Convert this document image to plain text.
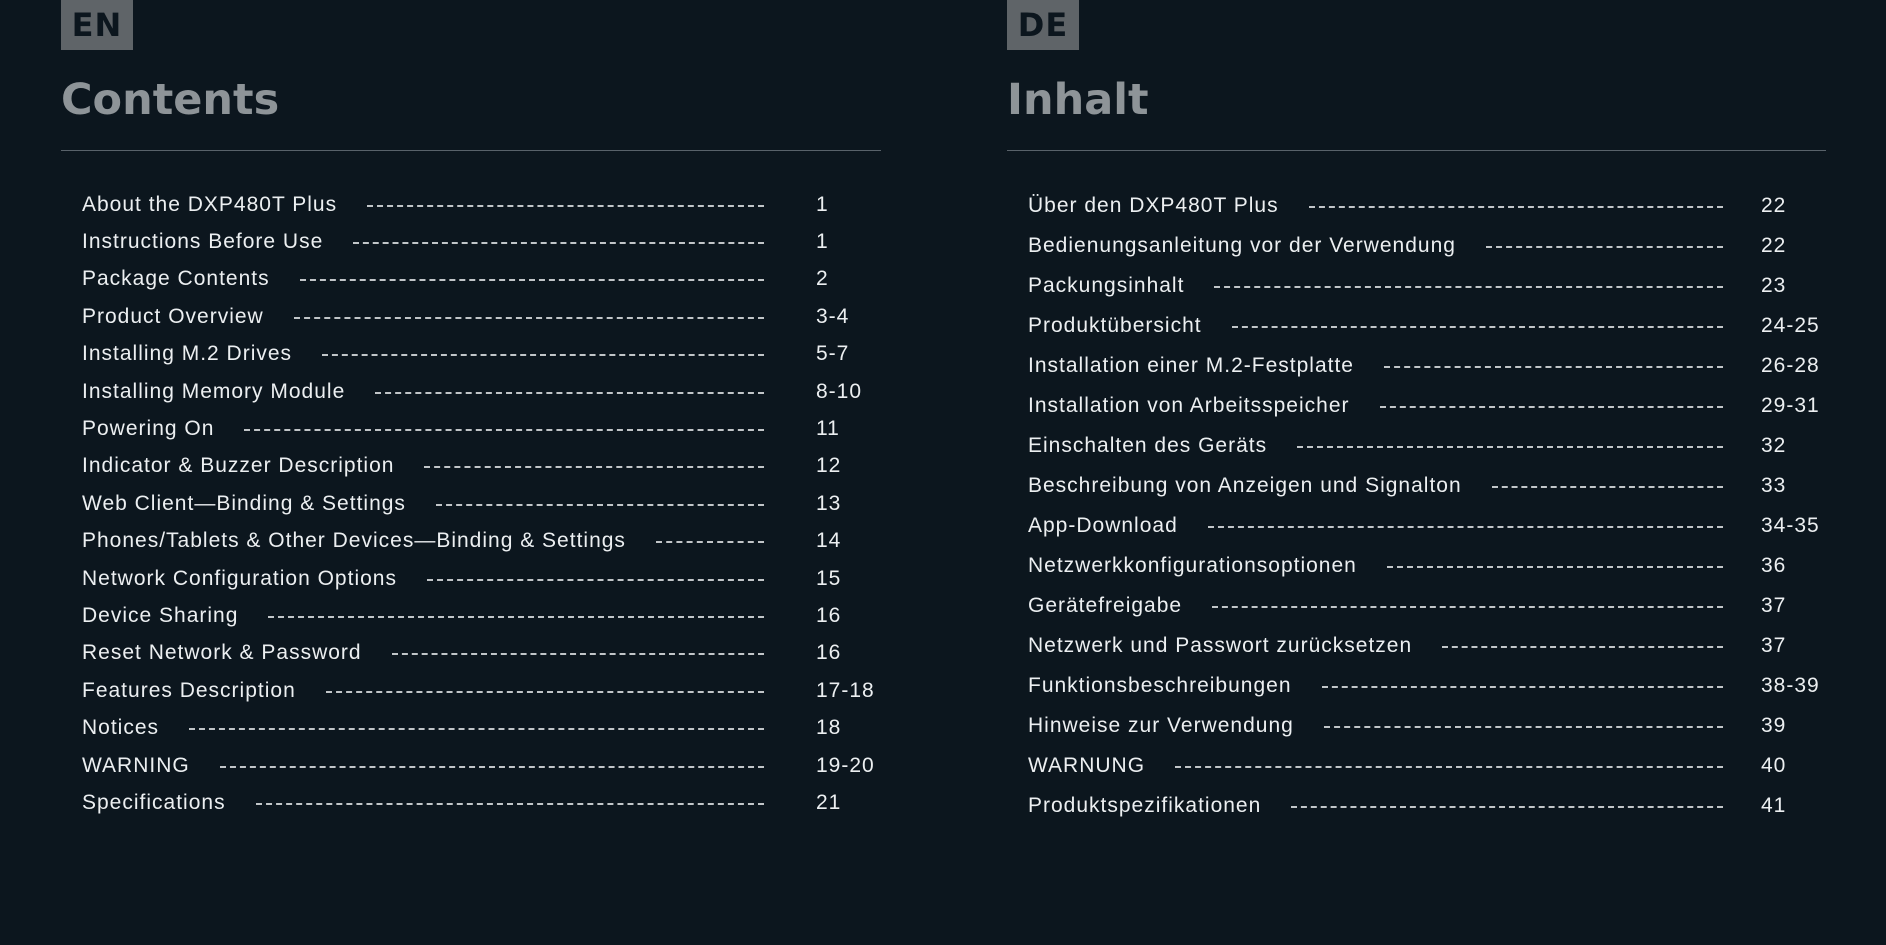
EN
Contents
About the DXP480T Plus	1
Instructions Before Use	1
Package Contents	2
Product Overview	3-4
Installing M.2 Drives	5-7
Installing Memory Module	8-10
Powering On	11
Indicator & Buzzer Description	12
Web Client—Binding & Settings	13
Phones/Tablets & Other Devices—Binding & Settings	14
Network Configuration Options	15
Device Sharing	16
Reset Network & Password	16
Features Description	17-18
Notices	18
WARNING	19-20
Specifications	21
DE
Inhalt
Über den DXP480T Plus	22
Bedienungsanleitung vor der Verwendung	22
Packungsinhalt	23
Produktübersicht	24-25
Installation einer M.2-Festplatte	26-28
Installation von Arbeitsspeicher	29-31
Einschalten des Geräts	32
Beschreibung von Anzeigen und Signalton	33
App-Download	34-35
Netzwerkkonfigurationsoptionen	36
Gerätefreigabe	37
Netzwerk und Passwort zurücksetzen	37
Funktionsbeschreibungen	38-39
Hinweise zur Verwendung	39
WARNUNG	40
Produktspezifikationen	41
